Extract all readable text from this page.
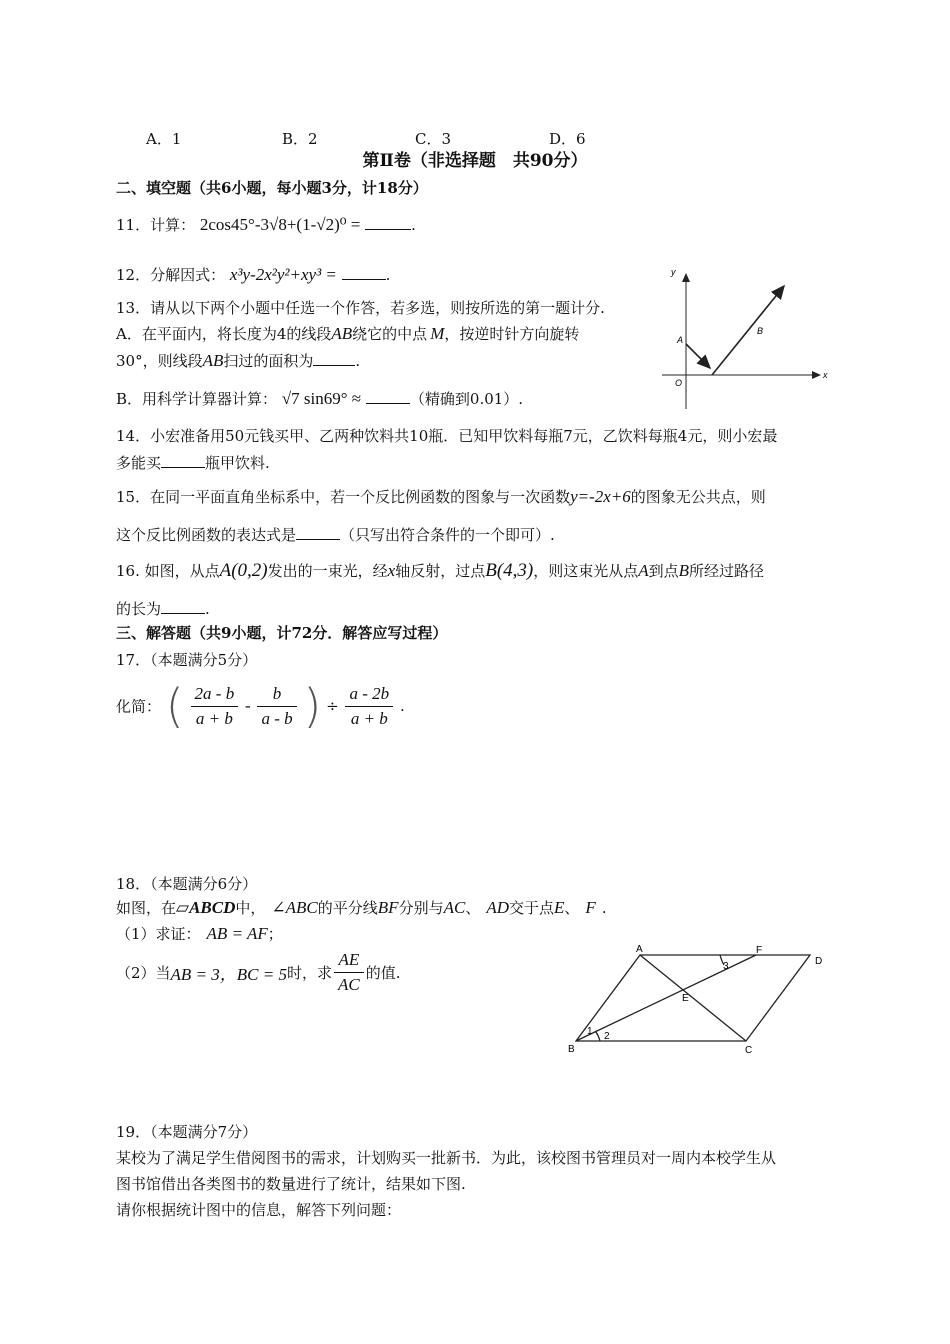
A．1	B．2	C．3	D．6
第Ⅱ卷（非选择题　共90分）
二、填空题（共6小题，每小题3分，计18分）
11．计算： 2cos45°-3√8+(1-√2)⁰ =	.
12．分解因式： x³y-2x²y²+xy³ =	.
13．请从以下两个小题中任选一个作答，若多选，则按所选的第一题计分.
A．在平面内，将长度为4的线段AB绕它的中点 M，按逆时针方向旋转
30°，则线段AB扫过的面积为	.
B．用科学计算器计算： √7 sin69° ≈	（精确到0.01）.
y
x
O
A
B
14．小宏准备用50元钱买甲、乙两种饮料共10瓶．已知甲饮料每瓶7元，乙饮料每瓶4元，则小宏最
多能买	瓶甲饮料.
15．在同一平面直角坐标系中，若一个反比例函数的图象与一次函数y=-2x+6的图象无公共点，则
这个反比例函数的表达式是	（只写出符合条件的一个即可）.
16. 如图，从点A(0,2)发出的一束光，经x轴反射，过点B(4,3)，则这束光从点A到点B所经过路径
的长为	.
三、解答题（共9小题，计72分．解答应写过程）
17．（本题满分5分）
化简： ( $\frac{2a - b}{a + b} - \frac{b}{a - b}$ ) ÷ $\frac{a - 2b}{a + b}$ .
18．（本题满分6分）
如图，在▱ABCD中， ∠ABC的平分线BF分别与AC、 AD交于点E、 F .
（1）求证： AB = AF；
（2）当AB = 3，BC = 5时，求 $\frac{AE}{AC}$ 的值.
A	F
D
E
B	C
1 2
3
19．（本题满分7分）
某校为了满足学生借阅图书的需求，计划购买一批新书．为此，该校图书管理员对一周内本校学生从
图书馆借出各类图书的数量进行了统计，结果如下图.
请你根据统计图中的信息，解答下列问题：
